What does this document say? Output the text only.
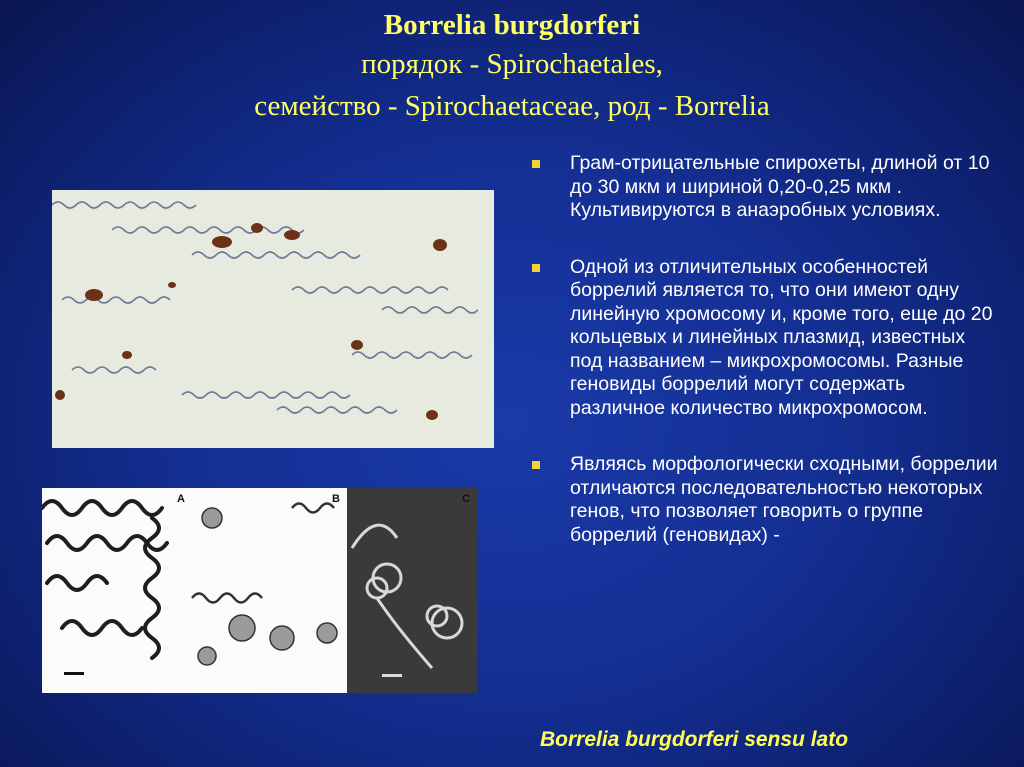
Borrelia burgdorferi
порядок - Spirochaetales,
семейство - Spirochaetaceae, род - Borrelia
A	B	C
Грам-отрицательные спирохеты, длиной от 10 до 30 мкм и шириной 0,20-0,25 мкм . Культивируются в анаэробных условиях.
Одной из отличительных особенностей боррелий является то, что они имеют одну линейную хромосому и, кроме того, еще до 20 кольцевых и линейных плазмид, известных под названием – микрохромосомы. Разные геновиды боррелий могут содержать различное количество микрохромосом.
Являясь морфологически сходными, боррелии отличаются последовательностью некоторых генов, что позволяет говорить о группе боррелий (геновидах) -
Borrelia burgdorferi sensu lato
